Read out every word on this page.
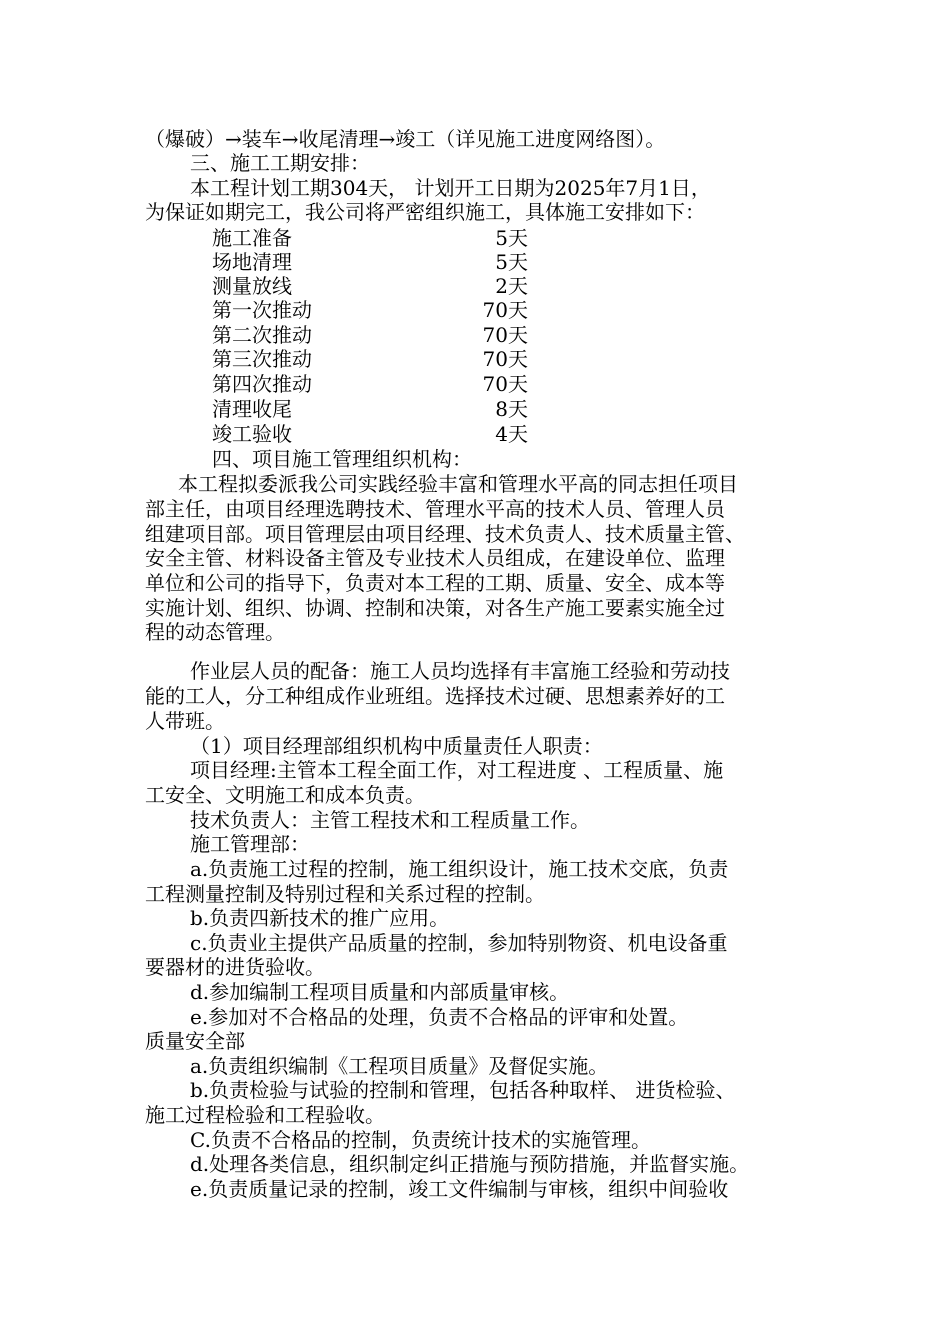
（爆破）→装车→收尾清理→竣工（详见施工进度网络图）。

三、施工工期安排：

本工程计划工期304天， 计划开工日期为2025年7月1日，

为保证如期完工，我公司将严密组织施工，具体施工安排如下：

施工准备	5天
场地清理	5天
测量放线	2天
第一次推动	70天
第二次推动	70天
第三次推动	70天
第四次推动	70天
清理收尾	8天
竣工验收	4天

四、项目施工管理组织机构：

本工程拟委派我公司实践经验丰富和管理水平高的同志担任项目

部主任，由项目经理选聘技术、管理水平高的技术人员、管理人员

组建项目部。项目管理层由项目经理、技术负责人、技术质量主管、

安全主管、材料设备主管及专业技术人员组成，在建设单位、监理

单位和公司的指导下，负责对本工程的工期、质量、安全、成本等

实施计划、组织、协调、控制和决策，对各生产施工要素实施全过

程的动态管理。

作业层人员的配备：施工人员均选择有丰富施工经验和劳动技

能的工人，分工种组成作业班组。选择技术过硬、思想素养好的工

人带班。

（1）项目经理部组织机构中质量责任人职责：

项目经理:主管本工程全面工作，对工程进度 、工程质量、施

工安全、文明施工和成本负责。

技术负责人：主管工程技术和工程质量工作。

施工管理部：

a.负责施工过程的控制，施工组织设计，施工技术交底，负责

工程测量控制及特别过程和关系过程的控制。

b.负责四新技术的推广应用。

c.负责业主提供产品质量的控制，参加特别物资、机电设备重

要器材的进货验收。

d.参加编制工程项目质量和内部质量审核。

e.参加对不合格品的处理，负责不合格品的评审和处置。

质量安全部

a.负责组织编制《工程项目质量》及督促实施。

b.负责检验与试验的控制和管理，包括各种取样、 进货检验、

施工过程检验和工程验收。

C.负责不合格品的控制，负责统计技术的实施管理。

d.处理各类信息，组织制定纠正措施与预防措施，并监督实施。

e.负责质量记录的控制，竣工文件编制与审核，组织中间验收
